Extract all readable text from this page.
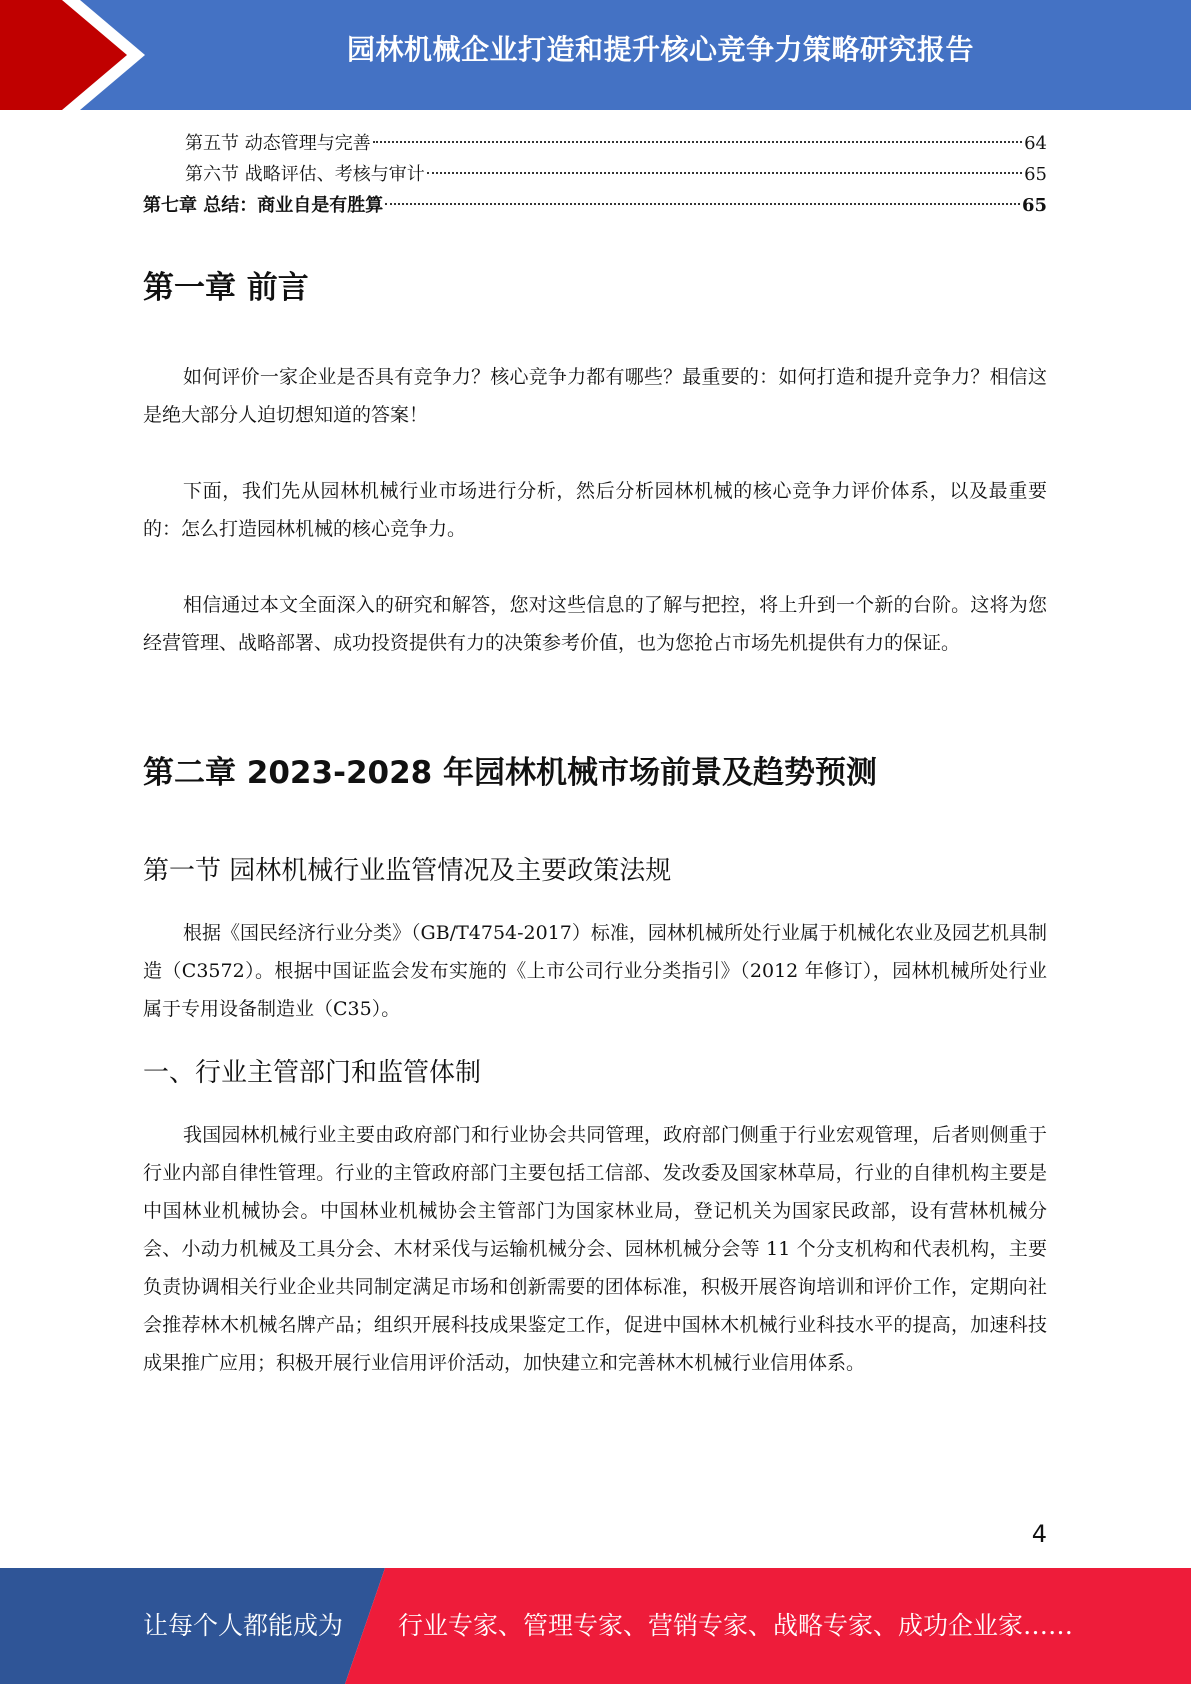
园林机械企业打造和提升核心竞争力策略研究报告
第五节 动态管理与完善	64
第六节 战略评估、考核与审计	65
第七章 总结：商业自是有胜算	65
第一章 前言

如何评价一家企业是否具有竞争力？核心竞争力都有哪些？最重要的：如何打造和提升竞争力？相信这是绝大部分人迫切想知道的答案！

下面，我们先从园林机械行业市场进行分析，然后分析园林机械的核心竞争力评价体系，以及最重要的：怎么打造园林机械的核心竞争力。

相信通过本文全面深入的研究和解答，您对这些信息的了解与把控，将上升到一个新的台阶。这将为您经营管理、战略部署、成功投资提供有力的决策参考价值，也为您抢占市场先机提供有力的保证。

第二章 2023-2028 年园林机械市场前景及趋势预测
第一节 园林机械行业监管情况及主要政策法规

根据《国民经济行业分类》（GB/T4754-2017）标准，园林机械所处行业属于机械化农业及园艺机具制造（C3572）。根据中国证监会发布实施的《上市公司行业分类指引》（2012 年修订），园林机械所处行业属于专用设备制造业（C35）。

一、行业主管部门和监管体制

我国园林机械行业主要由政府部门和行业协会共同管理，政府部门侧重于行业宏观管理，后者则侧重于行业内部自律性管理。行业的主管政府部门主要包括工信部、发改委及国家林草局，行业的自律机构主要是中国林业机械协会。中国林业机械协会主管部门为国家林业局，登记机关为国家民政部，设有营林机械分会、小动力机械及工具分会、木材采伐与运输机械分会、园林机械分会等 11 个分支机构和代表机构，主要负责协调相关行业企业共同制定满足市场和创新需要的团体标准，积极开展咨询培训和评价工作，定期向社会推荐林木机械名牌产品；组织开展科技成果鉴定工作，促进中国林木机械行业科技水平的提高，加速科技成果推广应用；积极开展行业信用评价活动，加快建立和完善林木机械行业信用体系。

4
让每个人都能成为 行业专家、管理专家、营销专家、战略专家、成功企业家……
